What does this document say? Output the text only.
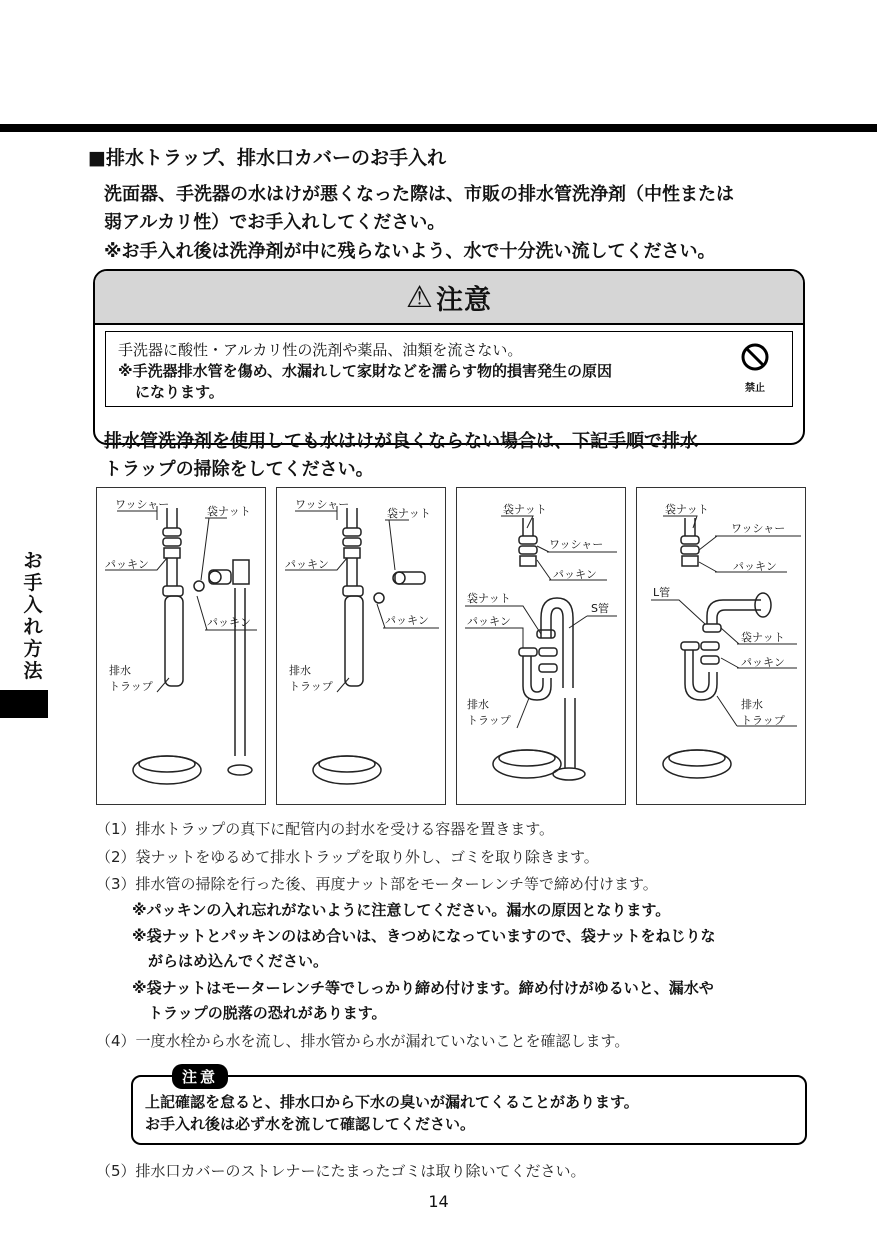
■排水トラップ、排水口カバーのお手入れ
洗面器、手洗器の水はけが悪くなった際は、市販の排水管洗浄剤（中性または
弱アルカリ性）でお手入れしてください。
※お手入れ後は洗浄剤が中に残らないよう、水で十分洗い流してください。
⚠ 注意
手洗器に酸性・アルカリ性の洗剤や薬品、油類を流さない。
※手洗器排水管を傷め、水漏れして家財などを濡らす物的損害発生の原因
になります。	禁止
排水管洗浄剤を使用しても水はけが良くならない場合は、下記手順で排水
トラップの掃除をしてください。
ワッシャー
袋ナット
パッキン
パッキン
排水
トラップ
ワッシャー
袋ナット
パッキン
パッキン
排水
トラップ
袋ナット
ワッシャー
パッキン
袋ナット
パッキン
S管
排水
トラップ
袋ナット
ワッシャー
パッキン
L管
袋ナット
パッキン
排水
トラップ
お
手
入
れ
方
法
（1）排水トラップの真下に配管内の封水を受ける容器を置きます。
（2）袋ナットをゆるめて排水トラップを取り外し、ゴミを取り除きます。
（3）排水管の掃除を行った後、再度ナット部をモーターレンチ等で締め付けます。
※パッキンの入れ忘れがないように注意してください。漏水の原因となります。
※袋ナットとパッキンのはめ合いは、きつめになっていますので、袋ナットをねじりな
がらはめ込んでください。
※袋ナットはモーターレンチ等でしっかり締め付けます。締め付けがゆるいと、漏水や
トラップの脱落の恐れがあります。
（4）一度水栓から水を流し、排水管から水が漏れていないことを確認します。
上記確認を怠ると、排水口から下水の臭いが漏れてくることがあります。
お手入れ後は必ず水を流して確認してください。
注意
（5）排水口カバーのストレナーにたまったゴミは取り除いてください。
14
